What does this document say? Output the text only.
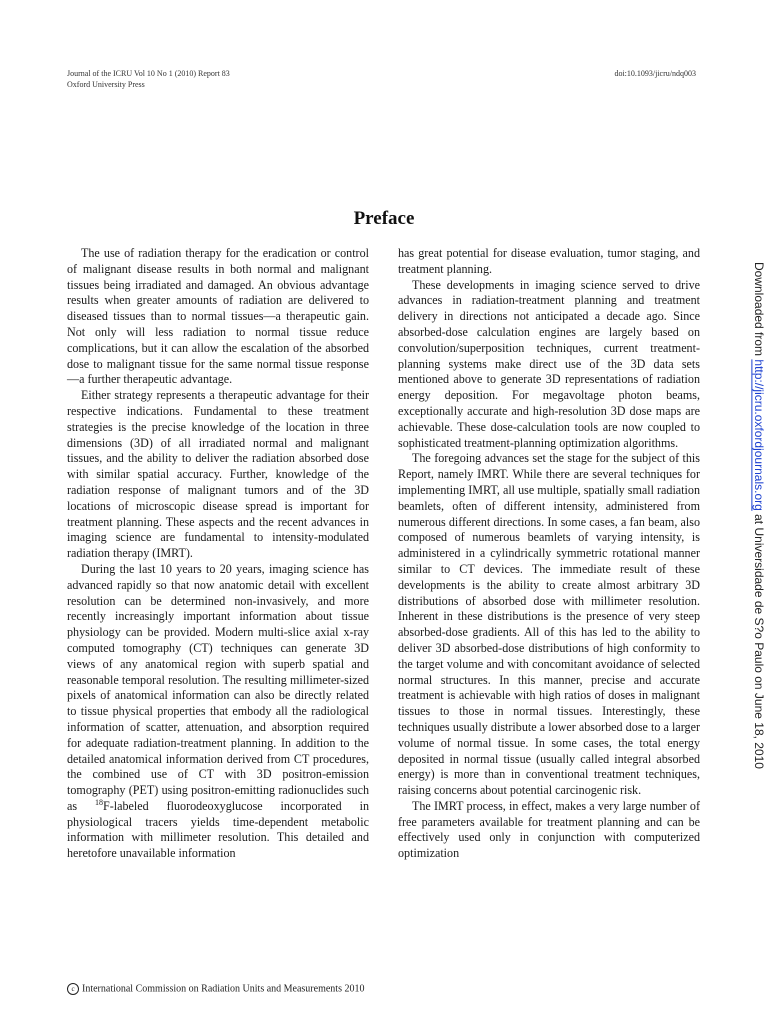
Journal of the ICRU Vol 10 No 1 (2010) Report 83
Oxford University Press
doi:10.1093/jicru/ndq003
Preface

The use of radiation therapy for the eradication or control of malignant disease results in both normal and malignant tissues being irradiated and damaged. An obvious advantage results when greater amounts of radiation are delivered to diseased tissues than to normal tissues—a therapeutic gain. Not only will less radiation to normal tissue reduce complications, but it can allow the escalation of the absorbed dose to malignant tissue for the same normal tissue response—a further therapeutic advantage.

Either strategy represents a therapeutic advantage for their respective indications. Fundamental to these treatment strategies is the precise knowledge of the location in three dimensions (3D) of all irradiated normal and malignant tissues, and the ability to deliver the radiation absorbed dose with similar spatial accuracy. Further, knowledge of the radiation response of malignant tumors and of the 3D locations of microscopic disease spread is important for treatment planning. These aspects and the recent advances in imaging science are fundamental to intensity-modulated radiation therapy (IMRT).

During the last 10 years to 20 years, imaging science has advanced rapidly so that now anatomic detail with excellent resolution can be determined non-invasively, and more recently increasingly important information about tissue physiology can be provided. Modern multi-slice axial x-ray computed tomography (CT) techniques can generate 3D views of any anatomical region with superb spatial and reasonable temporal resolution. The resulting millimeter-sized pixels of anatomical information can also be directly related to tissue physical properties that embody all the radiological information of scatter, attenuation, and absorption required for adequate radiation-treatment planning. In addition to the detailed anatomical information derived from CT procedures, the combined use of CT with 3D positron-emission tomography (PET) using positron-emitting radionuclides such as $^{18}$F-labeled fluorodeoxyglucose incorporated in physiological tracers yields time-dependent metabolic information with millimeter resolution. This detailed and heretofore unavailable information

has great potential for disease evaluation, tumor staging, and treatment planning.

These developments in imaging science served to drive advances in radiation-treatment planning and treatment delivery in directions not anticipated a decade ago. Since absorbed-dose calculation engines are largely based on convolution/superposition techniques, current treatment-planning systems make direct use of the 3D data sets mentioned above to generate 3D representations of radiation energy deposition. For megavoltage photon beams, exceptionally accurate and high-resolution 3D dose maps are achievable. These dose-calculation tools are now coupled to sophisticated treatment-planning optimization algorithms.

The foregoing advances set the stage for the subject of this Report, namely IMRT. While there are several techniques for implementing IMRT, all use multiple, spatially small radiation beamlets, often of different intensity, administered from numerous different directions. In some cases, a fan beam, also composed of numerous beamlets of varying intensity, is administered in a cylindrically symmetric rotational manner similar to CT devices. The immediate result of these developments is the ability to create almost arbitrary 3D distributions of absorbed dose with millimeter resolution. Inherent in these distributions is the presence of very steep absorbed-dose gradients. All of this has led to the ability to deliver 3D absorbed-dose distributions of high conformity to the target volume and with concomitant avoidance of selected normal structures. In this manner, precise and accurate treatment is achievable with high ratios of doses in malignant tissues to those in normal tissues. Interestingly, these techniques usually distribute a lower absorbed dose to a larger volume of normal tissue. In some cases, the total energy deposited in normal tissue (usually called integral absorbed energy) is more than in conventional treatment techniques, raising concerns about potential carcinogenic risk.

The IMRT process, in effect, makes a very large number of free parameters available for treatment planning and can be effectively used only in conjunction with computerized optimization

c International Commission on Radiation Units and Measurements 2010
Downloaded from http://jicru.oxfordjournals.org at Universidade de S?o Paulo on June 18, 2010
